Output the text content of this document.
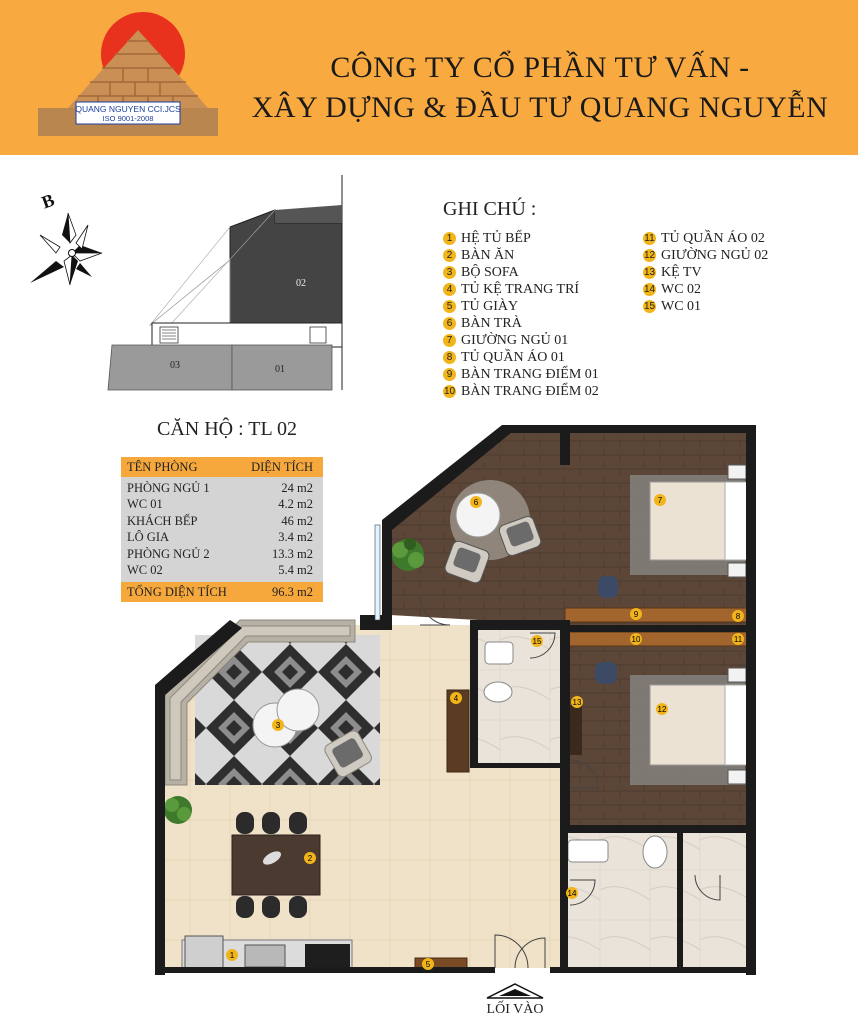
QUANG NGUYEN CCI.JCS
ISO 9001-2008
CÔNG TY CỔ PHẦN TƯ VẤN -
XÂY DỰNG & ĐẦU TƯ QUANG NGUYỄN
B
02
03	01
GHI CHÚ :
1 HỆ TỦ BẾP
2 BÀN ĂN
3 BỘ SOFA
4 TỦ KỆ TRANG TRÍ
5 TỦ GIÀY
6 BÀN TRÀ
7 GIƯỜNG NGỦ 01
8 TỦ QUẦN ÁO 01
9 BÀN TRANG ĐIỂM 01
10 BÀN TRANG ĐIỂM 02
11 TỦ QUẦN ÁO 02
12 GIƯỜNG NGỦ 02
13 KỆ TV
14 WC 02
15 WC 01
CĂN HỘ : TL 02
TÊN PHÒNG	DIỆN TÍCH
PHÒNG NGỦ 1	24 m2
WC 01	4.2 m2
KHÁCH BẾP	46 m2
LÔ GIA	3.4 m2
PHÒNG NGỦ 2	13.3 m2
WC 02	5.4 m2
TỔNG DIỆN TÍCH	96.3 m2
1
2
3
4
5
6	7
8
9
10	11
12
13
14
15
LỐI VÀO
